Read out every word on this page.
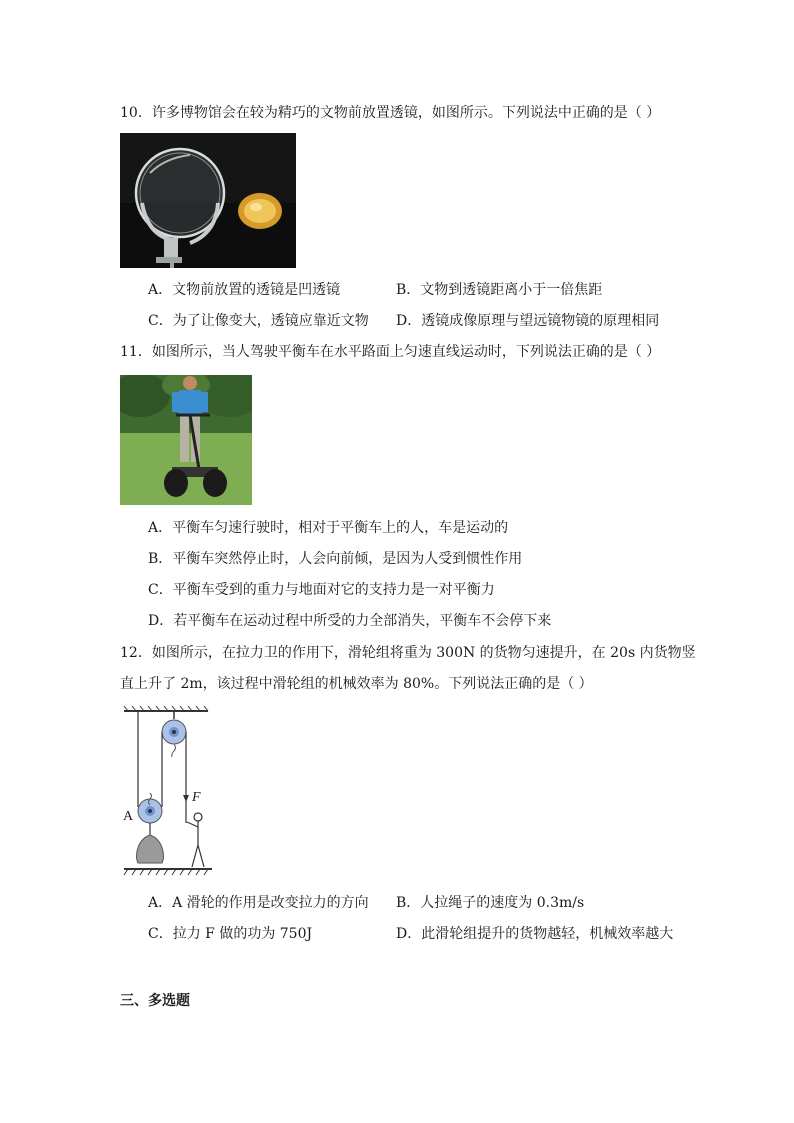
10．许多博物馆会在较为精巧的文物前放置透镜，如图所示。下列说法中正确的是（ ）
A．文物前放置的透镜是凹透镜	B．文物到透镜距离小于一倍焦距
C．为了让像变大，透镜应靠近文物 D．透镜成像原理与望远镜物镜的原理相同
11．如图所示，当人驾驶平衡车在水平路面上匀速直线运动时，下列说法正确的是（ ）
A．平衡车匀速行驶时，相对于平衡车上的人，车是运动的
B．平衡车突然停止时，人会向前倾，是因为人受到惯性作用
C．平衡车受到的重力与地面对它的支持力是一对平衡力
D．若平衡车在运动过程中所受的力全部消失，平衡车不会停下来
12．如图所示，在拉力卫的作用下，滑轮组将重为 300N 的货物匀速提升，在 20s 内货物竖
直上升了 2m，该过程中滑轮组的机械效率为 80%。下列说法正确的是（ ）
A
F
A．A 滑轮的作用是改变拉力的方向 B．人拉绳子的速度为 0.3m/s
C．拉力 F 做的功为 750J	D．此滑轮组提升的货物越轻，机械效率越大
三、多选题
